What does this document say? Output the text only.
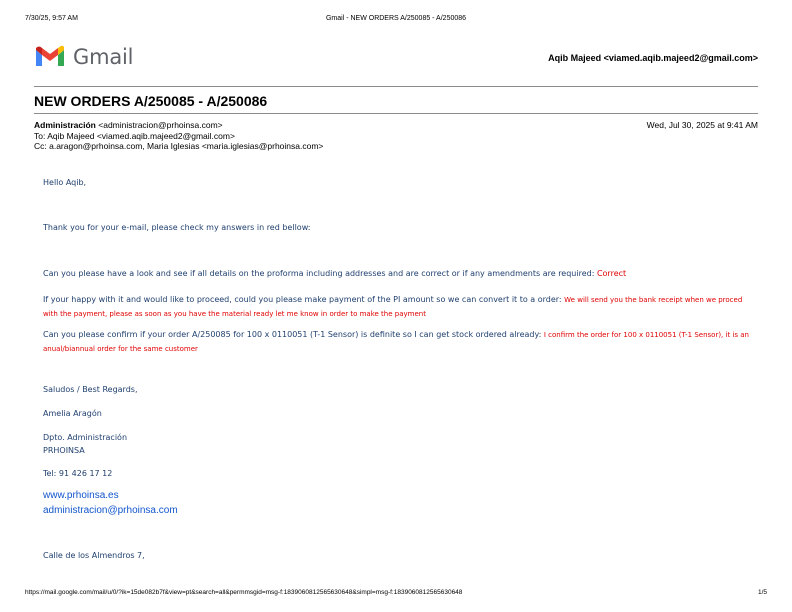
7/30/25, 9:57 AM	Gmail - NEW ORDERS A/250085 - A/250086
Gmail	Aqib Majeed <viamed.aqib.majeed2@gmail.com>
NEW ORDERS A/250085 - A/250086
Administración <administracion@prhoinsa.com>
To: Aqib Majeed <viamed.aqib.majeed2@gmail.com>
Cc: a.aragon@prhoinsa.com, Maria Iglesias <maria.iglesias@prhoinsa.com>
Wed, Jul 30, 2025 at 9:41 AM
Hello Aqib,
Thank you for your e-mail, please check my answers in red bellow:
Can you please have a look and see if all details on the proforma including addresses and are correct or if any amendments are required: Correct
If your happy with it and would like to proceed, could you please make payment of the PI amount so we can convert it to a order: We will send you the bank receipt when we proced with the payment, please as soon as you have the material ready let me know in order to make the payment
Can you please confirm if your order A/250085 for 100 x 0110051 (T-1 Sensor) is definite so I can get stock ordered already: I confirm the order for 100 x 0110051 (T-1 Sensor), it is an anual/biannual order for the same customer
Saludos / Best Regards,
Amelia Aragón
Dpto. Administración
PRHOINSA
Tel: 91 426 17 12
www.prhoinsa.es
administracion@prhoinsa.com
Calle de los Almendros 7,
https://mail.google.com/mail/u/0/?ik=15de082b7f&view=pt&search=all&permmsgid=msg-f:1839060812565630648&simpl=msg-f:1839060812565630648	1/5
